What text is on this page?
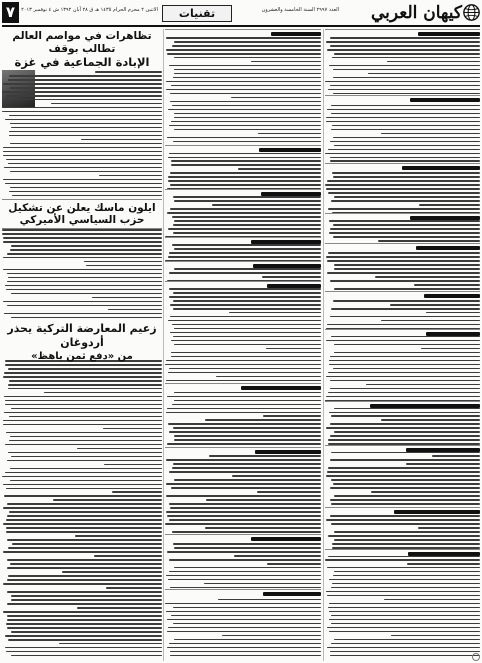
٧ الاثنين ٢ محرم الحرام ١٤٣٥ هـ ق ٢٨ آبان ١٣٩٢ ش ٤ نوفمبر ٢٠١٣ م	تقنيات	العدد ٢٩٩٧ السنة الخامسة والعشرون	كيهان العربي
تظاهرات في مواصم العالم تطالب بوقف
الإبادة الجماعية في غزة
ايلون ماسك يعلن عن تشكيل حزب السياسي الأميركي
زعيم المعارضة التركية يحذر أردوغان
من «دفع ثمن باهظ»
